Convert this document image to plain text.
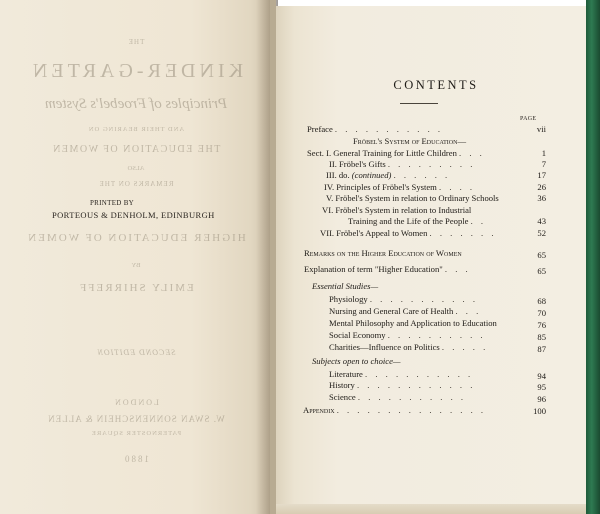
THE
KINDER-GARTEN
Principles of Froebel's System
AND THEIR BEARING ON
THE EDUCATION OF WOMEN
ALSO
REMARKS ON THE
HIGHER EDUCATION OF WOMEN
BY
EMILY SHIRREFF
SECOND EDITION
LONDON
W. SWAN SONNENSCHEIN & ALLEN
PATERNOSTER SQUARE
1880
PRINTED BY
PORTEOUS & DENHOLM, EDINBURGH
CONTENTS
PAGE
Preface . . . . . . . . . . .	vii
Fröbel's System of Education—
Sect. I. General Training for Little Children . . .	1
II. Fröbel's Gifts . . . . . . . . .	7
III. do. (continued) . . . . . .	17
IV. Principles of Fröbel's System . . . .	26
V. Fröbel's System in relation to Ordinary Schools	36
VI. Fröbel's System in relation to Industrial
Training and the Life of the People . .	43
VII. Fröbel's Appeal to Women . . . . . . .	52
Remarks on the Higher Education of Women	65
Explanation of term "Higher Education" . . .	65
Essential Studies—
Physiology . . . . . . . . . . .	68
Nursing and General Care of Health . . .	70
Mental Philosophy and Application to Education	76
Social Economy . . . . . . . . . .	85
Charities—Influence on Politics . . . . .	87
Subjects open to choice—
Literature . . . . . . . . . . .	94
History . . . . . . . . . . . .	95
Science . . . . . . . . . . .	96
Appendix . . . . . . . . . . . . . . .	100
